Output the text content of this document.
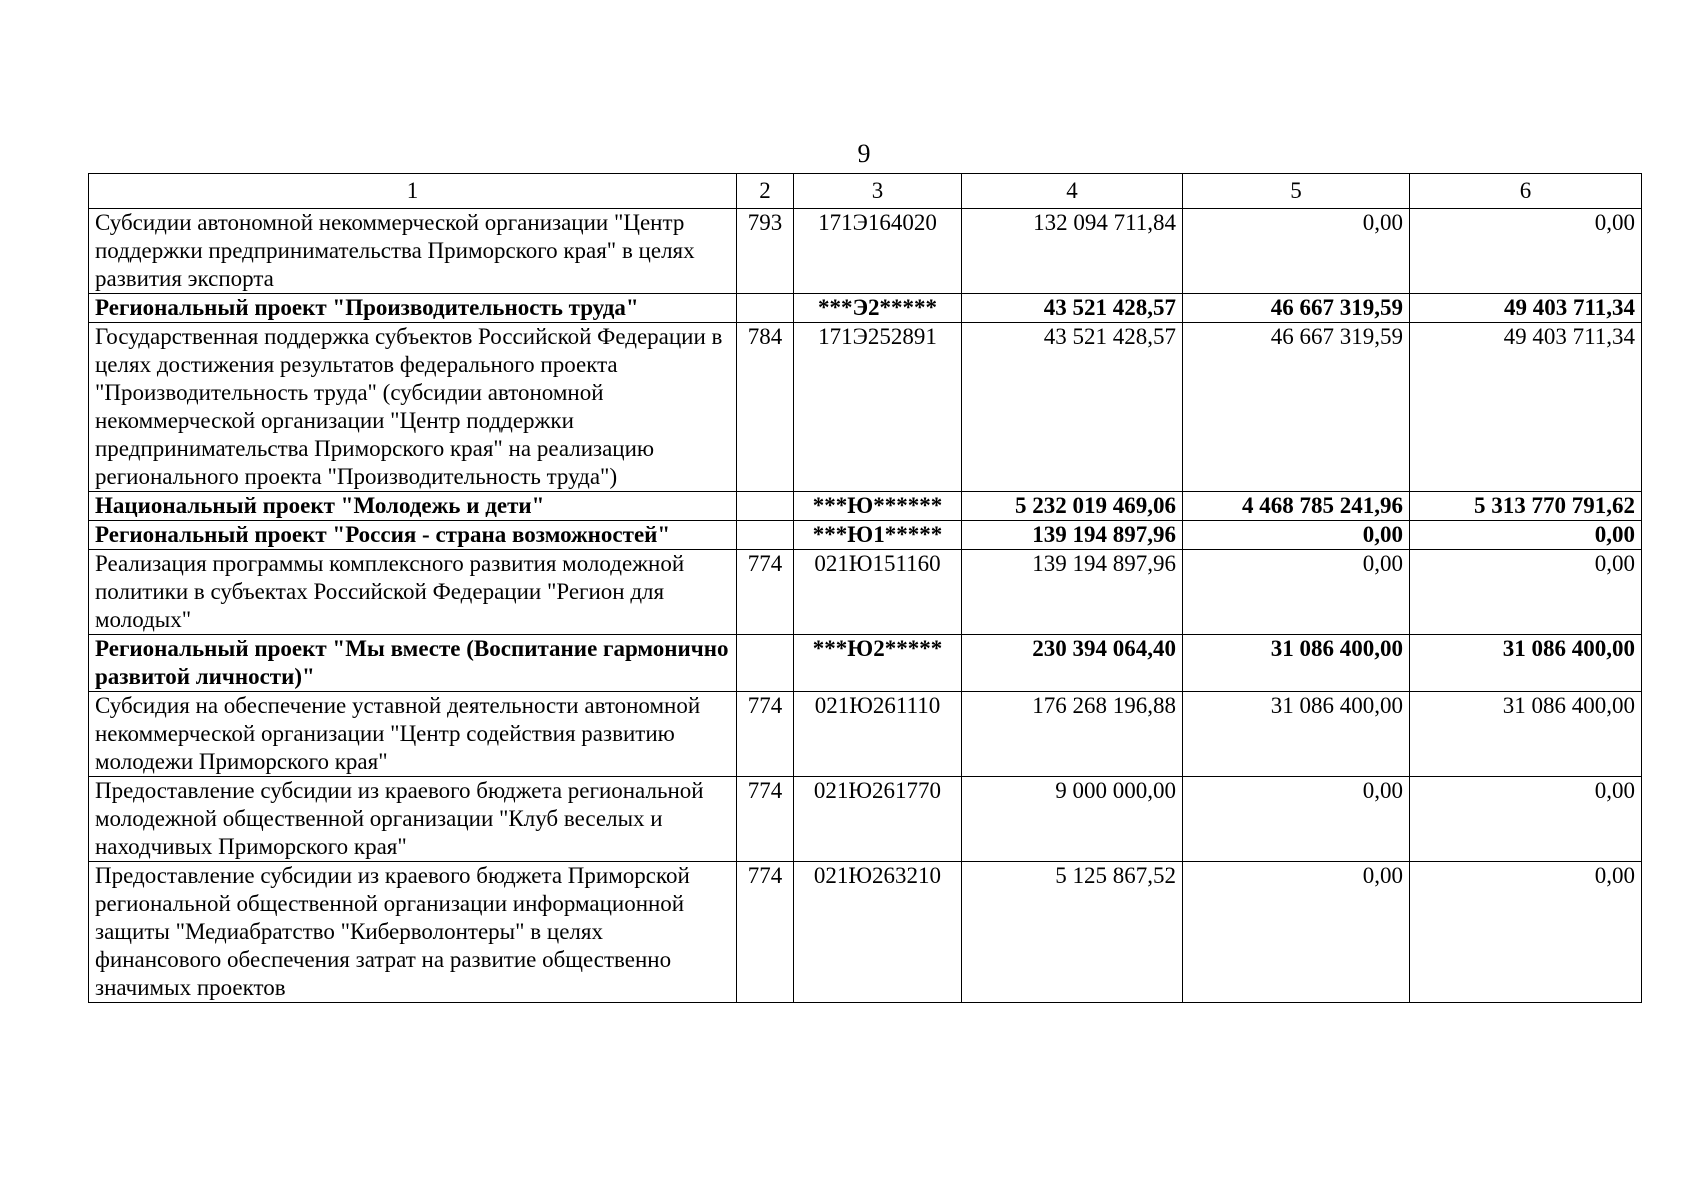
9
1	2	3	4	5	6
Субсидии автономной некоммерческой организации "Центр поддержки предпринимательства Приморского края" в целях развития экспорта	793	171Э164020	132 094 711,84	0,00	0,00
Региональный проект "Производительность труда"		***Э2*****	43 521 428,57	46 667 319,59	49 403 711,34
Государственная поддержка субъектов Российской Федерации в целях достижения результатов федерального проекта "Производительность труда" (субсидии автономной некоммерческой организации "Центр поддержки предпринимательства Приморского края" на реализацию регионального проекта "Производительность труда")	784	171Э252891	43 521 428,57	46 667 319,59	49 403 711,34
Национальный проект "Молодежь и дети"		***Ю******	5 232 019 469,06	4 468 785 241,96	5 313 770 791,62
Региональный проект "Россия - страна возможностей"		***Ю1*****	139 194 897,96	0,00	0,00
Реализация программы комплексного развития молодежной политики в субъектах Российской Федерации "Регион для молодых"	774	021Ю151160	139 194 897,96	0,00	0,00
Региональный проект "Мы вместе (Воспитание гармонично развитой личности)"		***Ю2*****	230 394 064,40	31 086 400,00	31 086 400,00
Субсидия на обеспечение уставной деятельности автономной некоммерческой организации "Центр содействия развитию молодежи Приморского края"	774	021Ю261110	176 268 196,88	31 086 400,00	31 086 400,00
Предоставление субсидии из краевого бюджета региональной молодежной общественной организации "Клуб веселых и находчивых Приморского края"	774	021Ю261770	9 000 000,00	0,00	0,00
Предоставление субсидии из краевого бюджета Приморской региональной общественной организации информационной защиты "Медиабратство "Киберволонтеры" в целях финансового обеспечения затрат на развитие общественно значимых проектов	774	021Ю263210	5 125 867,52	0,00	0,00
